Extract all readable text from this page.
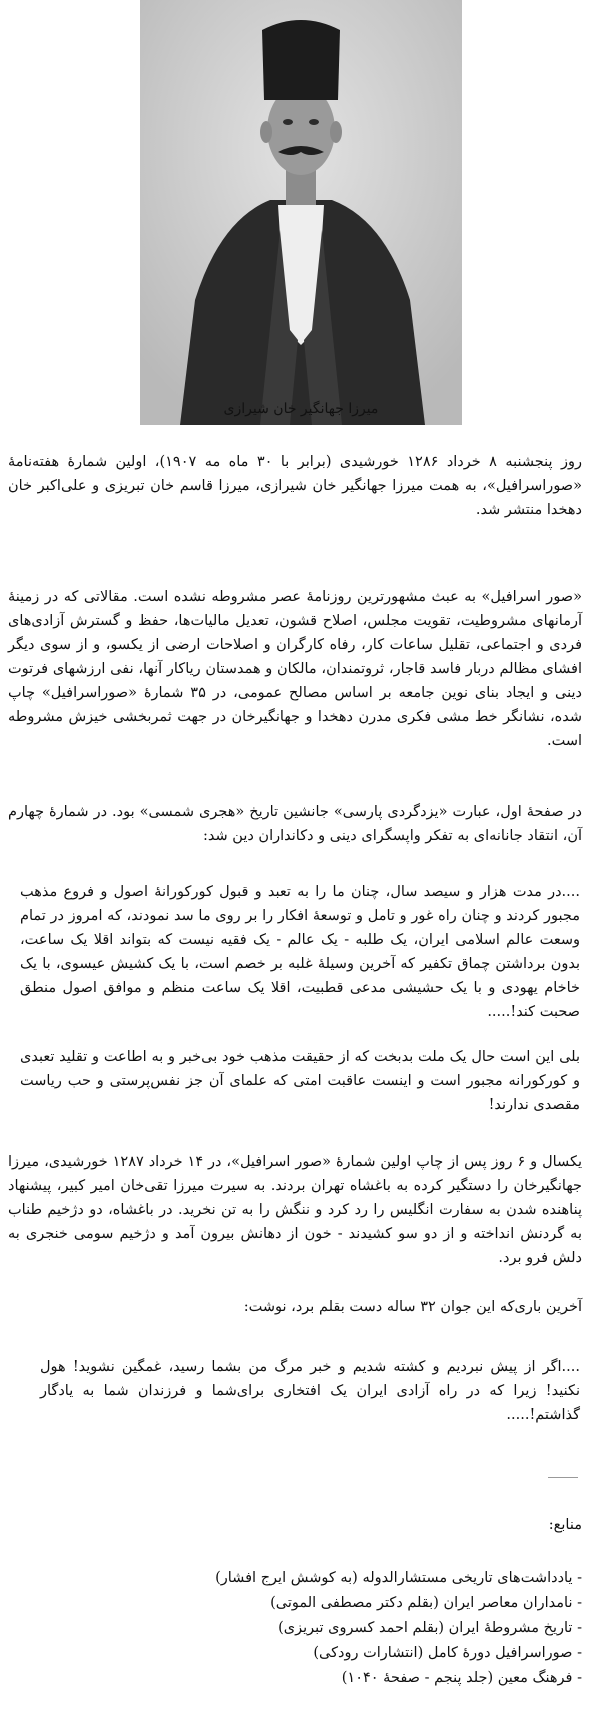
میرزا جهانگیر خان شیرازی

روز پنجشنبه ۸ خرداد ۱۲۸۶ خورشیدی (برابر با ۳۰ ماه مه ۱۹۰۷)، اولین شمارهٔ هفته‌نامهٔ «صوراسرافیل»، به همت میرزا جهانگیر خان شیرازی، میرزا قاسم خان تبریزی و علی‌اکبر خان دهخدا منتشر شد.

«صور اسرافیل» به عبث مشهورترین روزنامهٔ عصر مشروطه نشده است. مقالاتی که در زمینهٔ آرمانهای مشروطیت، تقویت مجلس، اصلاح قشون، تعدیل مالیات‌ها، حفظ و گسترش آزادی‌های فردی و اجتماعی، تقلیل ساعات کار، رفاه کارگران و اصلاحات ارضی از یکسو، و از سوی دیگر افشای مظالم دربار فاسد قاجار، ثروتمندان، مالکان و همدستان ریاکار آنها، نفی ارزشهای فرتوت دینی و ایجاد بنای نوین جامعه بر اساس مصالح عمومی، در ۳۵ شمارهٔ «صوراسرافیل» چاپ شده، نشانگر خط مشی فکری مدرن دهخدا و جهانگیرخان در جهت ثمربخشی خیزش مشروطه است.

در صفحهٔ اول، عبارت «یزدگردی پارسی» جانشین تاریخ «هجری شمسی» بود. در شمارهٔ چهارم آن، انتقاد جانانه‌ای به تفکر واپسگرای دینی و دکانداران دین شد:

....در مدت هزار و سیصد سال، چنان ما را به تعبد و قبول کورکورانهٔ اصول و فروع مذهب مجبور کردند و چنان راه غور و تامل و توسعهٔ افکار را بر روی ما سد نمودند، که امروز در تمام وسعت عالم اسلامی ایران، یک طلبه - یک عالم - یک فقیه نیست که بتواند اقلا یک ساعت، بدون برداشتن چماق تکفیر که آخرین وسیلهٔ غلبه بر خصم است، با یک کشیش عیسوی، با یک خاخام یهودی و با یک حشیشی مدعی قطبیت، اقلا یک ساعت منظم و موافق اصول منطق صحبت کند!.....

بلی این است حال یک ملت بدبخت که از حقیقت مذهب خود بی‌خبر و به اطاعت و تقلید تعبدی و کورکورانه مجبور است و اینست عاقبت امتی که علمای آن جز نفس‌پرستی و حب ریاست مقصدی ندارند!

یکسال و ۶ روز پس از چاپ اولین شمارهٔ «صور اسرافیل»، در ۱۴ خرداد ۱۲۸۷ خورشیدی، میرزا جهانگیرخان را دستگیر کرده به باغشاه تهران بردند. به سیرت میرزا تقی‌خان امیر کبیر، پیشنهاد پناهنده شدن به سفارت انگلیس را رد کرد و ننگش را به تن نخرید. در باغشاه، دو دژخیم طناب به گردنش انداخته و از دو سو کشیدند - خون از دهانش بیرون آمد و دژخیم سومی خنجری به دلش فرو برد.

آخرین باری‌که این جوان ۳۲ ساله دست بقلم برد، نوشت:

....اگر از پیش نبردیم و کشته شدیم و خبر مرگ من بشما رسید، غمگین نشوید! هول نکنید! زیرا که در راه آزادی ایران یک افتخاری برای‌شما و فرزندان شما به یادگار گذاشتم!.....

منابع:

- یادداشت‌های تاریخی مستشارالدوله (به کوشش ایرج افشار)
- نامداران معاصر ایران (بقلم دکتر مصطفی الموتی)
- تاریخ مشروطهٔ ایران (بقلم احمد کسروی تبریزی)
- صوراسرافیل دورهٔ کامل (انتشارات رودکی)
- فرهنگ معین (جلد پنجم - صفحهٔ ۱۰۴۰)
